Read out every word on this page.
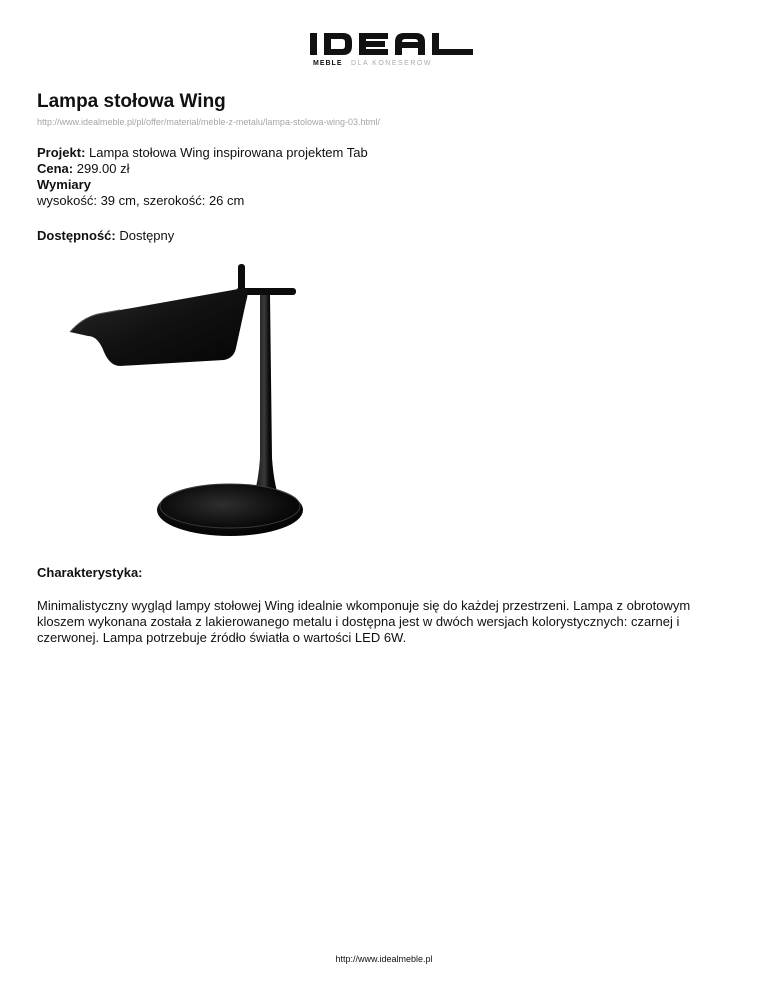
MEBLE DLA KONESERÓW
Lampa stołowa Wing
http://www.idealmeble.pl/pl/offer/material/meble-z-metalu/lampa-stolowa-wing-03.html/
Projekt: Lampa stołowa Wing inspirowana projektem Tab
Cena: 299.00 zł
Wymiary
wysokość: 39 cm, szerokość: 26 cm
Dostępność: Dostępny
Charakterystyka:

Minimalistyczny wygląd lampy stołowej Wing idealnie wkomponuje się do każdej przestrzeni. Lampa z obrotowym kloszem wykonana została z lakierowanego metalu i dostępna jest w dwóch wersjach kolorystycznych: czarnej i czerwonej. Lampa potrzebuje źródło światła o wartości LED 6W.

http://www.idealmeble.pl
